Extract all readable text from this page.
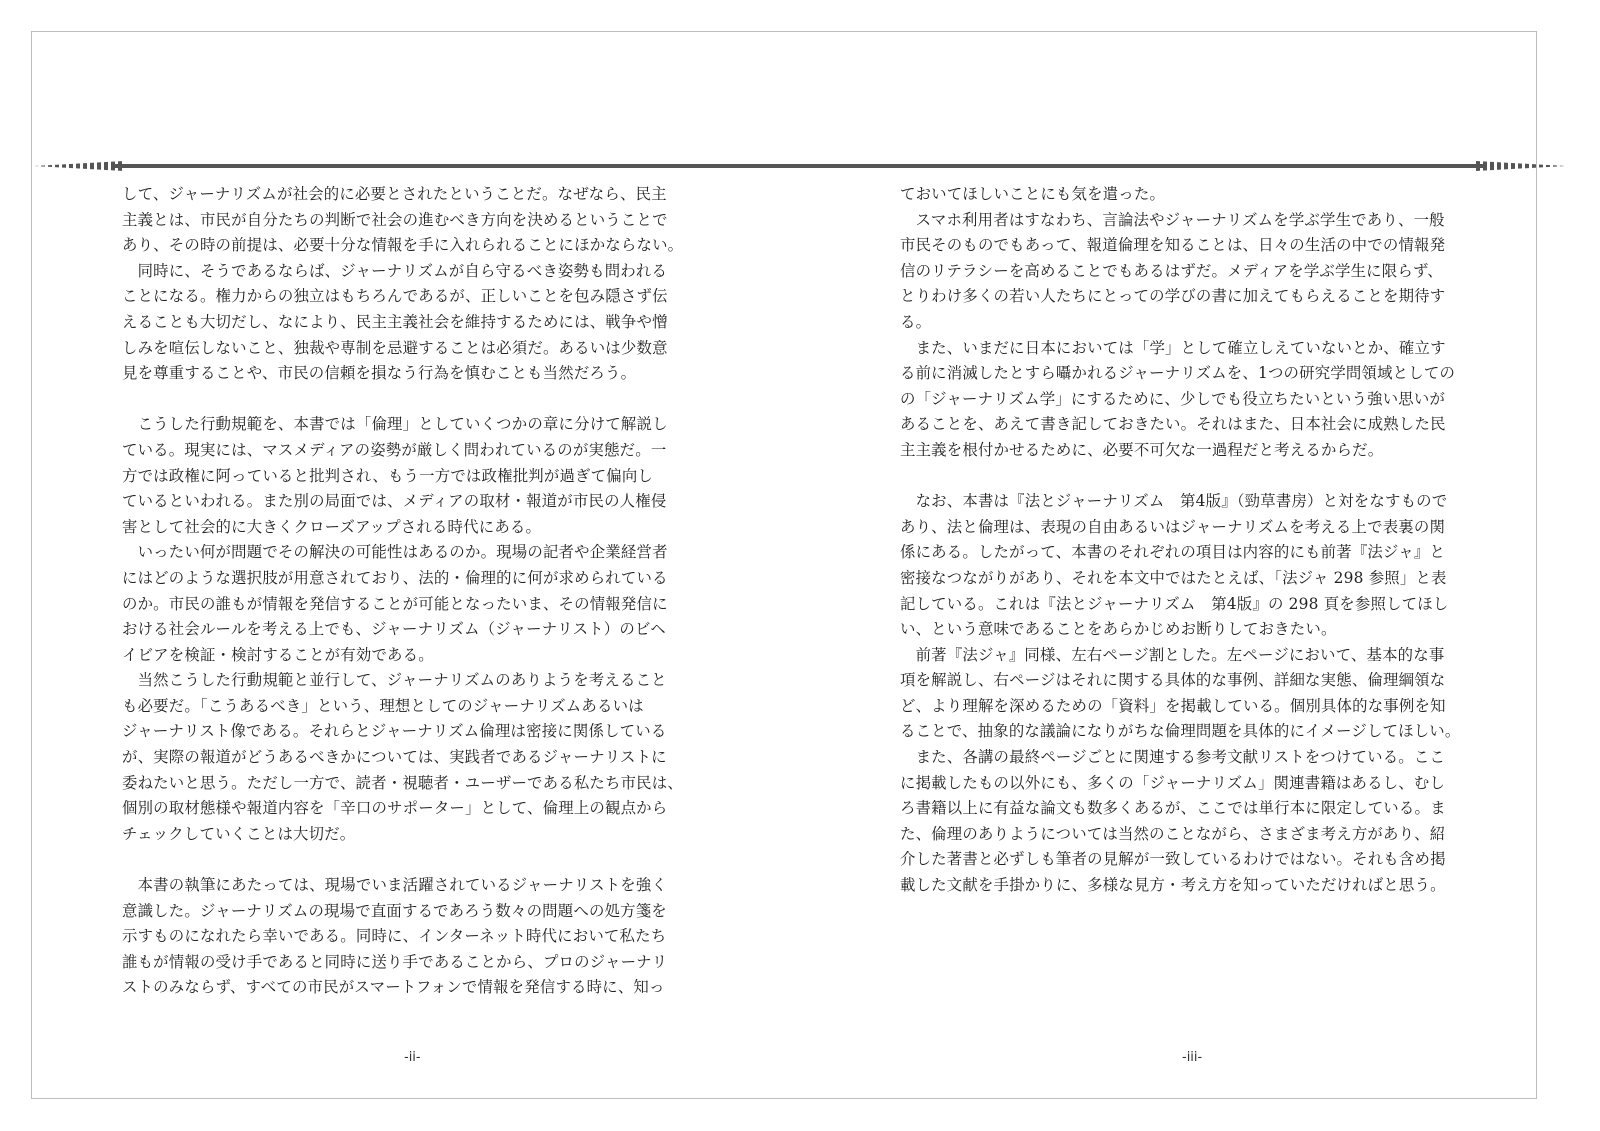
して、ジャーナリズムが社会的に必要とされたということだ。なぜなら、民主

主義とは、市民が自分たちの判断で社会の進むべき方向を決めるということで

あり、その時の前提は、必要十分な情報を手に入れられることにほかならない。

　同時に、そうであるならば、ジャーナリズムが自ら守るべき姿勢も問われる

ことになる。権力からの独立はもちろんであるが、正しいことを包み隠さず伝

えることも大切だし、なにより、民主主義社会を維持するためには、戦争や憎

しみを喧伝しないこと、独裁や専制を忌避することは必須だ。あるいは少数意

見を尊重することや、市民の信頼を損なう行為を慎むことも当然だろう。

　こうした行動規範を、本書では「倫理」としていくつかの章に分けて解説し

ている。現実には、マスメディアの姿勢が厳しく問われているのが実態だ。一

方では政権に阿っていると批判され、もう一方では政権批判が過ぎて偏向し

ているといわれる。また別の局面では、メディアの取材・報道が市民の人権侵

害として社会的に大きくクローズアップされる時代にある。

　いったい何が問題でその解決の可能性はあるのか。現場の記者や企業経営者

にはどのような選択肢が用意されており、法的・倫理的に何が求められている

のか。市民の誰もが情報を発信することが可能となったいま、その情報発信に

おける社会ルールを考える上でも、ジャーナリズム（ジャーナリスト）のビヘ

イビアを検証・検討することが有効である。

　当然こうした行動規範と並行して、ジャーナリズムのありようを考えること

も必要だ。「こうあるべき」という、理想としてのジャーナリズムあるいは

ジャーナリスト像である。それらとジャーナリズム倫理は密接に関係している

が、実際の報道がどうあるべきかについては、実践者であるジャーナリストに

委ねたいと思う。ただし一方で、読者・視聴者・ユーザーである私たち市民は、

個別の取材態様や報道内容を「辛口のサポーター」として、倫理上の観点から

チェックしていくことは大切だ。

　本書の執筆にあたっては、現場でいま活躍されているジャーナリストを強く

意識した。ジャーナリズムの現場で直面するであろう数々の問題への処方箋を

示すものになれたら幸いである。同時に、インターネット時代において私たち

誰もが情報の受け手であると同時に送り手であることから、プロのジャーナリ

ストのみならず、すべての市民がスマートフォンで情報を発信する時に、知っ

ておいてほしいことにも気を遣った。

　スマホ利用者はすなわち、言論法やジャーナリズムを学ぶ学生であり、一般

市民そのものでもあって、報道倫理を知ることは、日々の生活の中での情報発

信のリテラシーを高めることでもあるはずだ。メディアを学ぶ学生に限らず、

とりわけ多くの若い人たちにとっての学びの書に加えてもらえることを期待す

る。

　また、いまだに日本においては「学」として確立しえていないとか、確立す

る前に消滅したとすら囁かれるジャーナリズムを、1つの研究学問領域としての

の「ジャーナリズム学」にするために、少しでも役立ちたいという強い思いが

あることを、あえて書き記しておきたい。それはまた、日本社会に成熟した民

主主義を根付かせるために、必要不可欠な一過程だと考えるからだ。

　なお、本書は『法とジャーナリズム　第4版』（勁草書房）と対をなすもので

あり、法と倫理は、表現の自由あるいはジャーナリズムを考える上で表裏の関

係にある。したがって、本書のそれぞれの項目は内容的にも前著『法ジャ』と

密接なつながりがあり、それを本文中ではたとえば、「法ジャ 298 参照」と表

記している。これは『法とジャーナリズム　第4版』の 298 頁を参照してほし

い、という意味であることをあらかじめお断りしておきたい。

　前著『法ジャ』同様、左右ページ割とした。左ページにおいて、基本的な事

項を解説し、右ページはそれに関する具体的な事例、詳細な実態、倫理綱領な

ど、より理解を深めるための「資料」を掲載している。個別具体的な事例を知

ることで、抽象的な議論になりがちな倫理問題を具体的にイメージしてほしい。

　また、各講の最終ページごとに関連する参考文献リストをつけている。ここ

に掲載したもの以外にも、多くの「ジャーナリズム」関連書籍はあるし、むし

ろ書籍以上に有益な論文も数多くあるが、ここでは単行本に限定している。ま

た、倫理のありようについては当然のことながら、さまざま考え方があり、紹

介した著書と必ずしも筆者の見解が一致しているわけではない。それも含め掲

載した文献を手掛かりに、多様な見方・考え方を知っていただければと思う。

-ii-	-iii-
